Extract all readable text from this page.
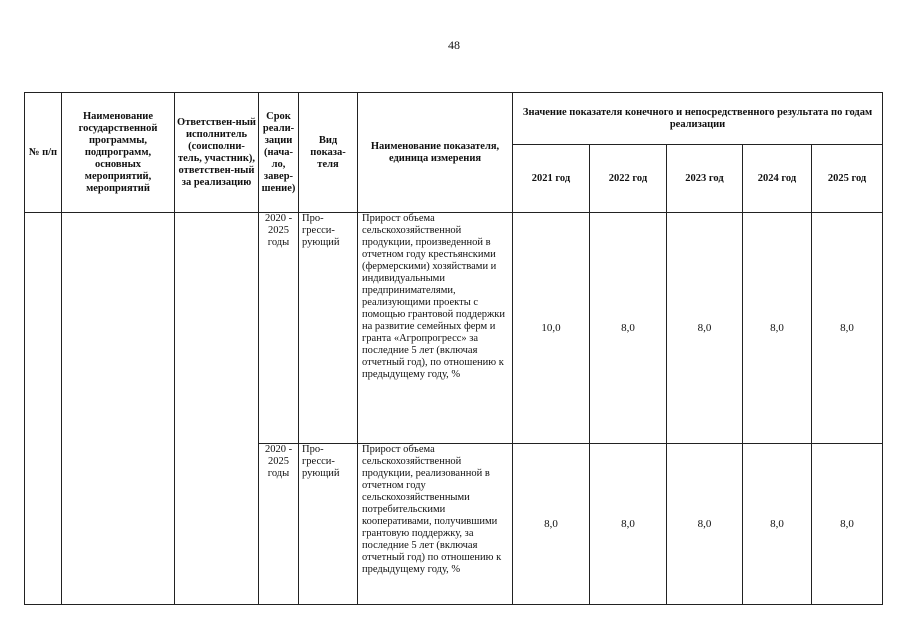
48
№ п/п	Наименование государственной программы, подпрограмм, основных мероприятий, мероприятий	Ответствен-ный исполнитель (соисполни-тель, участник), ответствен-ный за реализацию	Срок реали-зации (нача-ло, завер-шение)	Вид показа-теля	Наименование показателя, единица измерения	Значение показателя конечного и непосредственного результата по годам реализации				
						2021 год	2022 год	2023 год	2024 год	2025 год
			2020 - 2025 годы	Про-гресси-рующий	Прирост объема сельскохозяйственной продукции, произведенной в отчетном году крестьянскими (фермерскими) хозяйствами и индивидуальными предпринимателями, реализующими проекты с помощью грантовой поддержки на развитие семейных ферм и гранта «Агропрогресс» за последние 5 лет (включая отчетный год), по отношению к предыдущему году, %	10,0	8,0	8,0	8,0	8,0
			2020 - 2025 годы	Про-гресси-рующий	Прирост объема сельскохозяйственной продукции, реализованной в отчетном году сельскохозяйственными потребительскими кооперативами, получившими грантовую поддержку, за последние 5 лет (включая отчетный год) по отношению к предыдущему году, %	8,0	8,0	8,0	8,0	8,0
